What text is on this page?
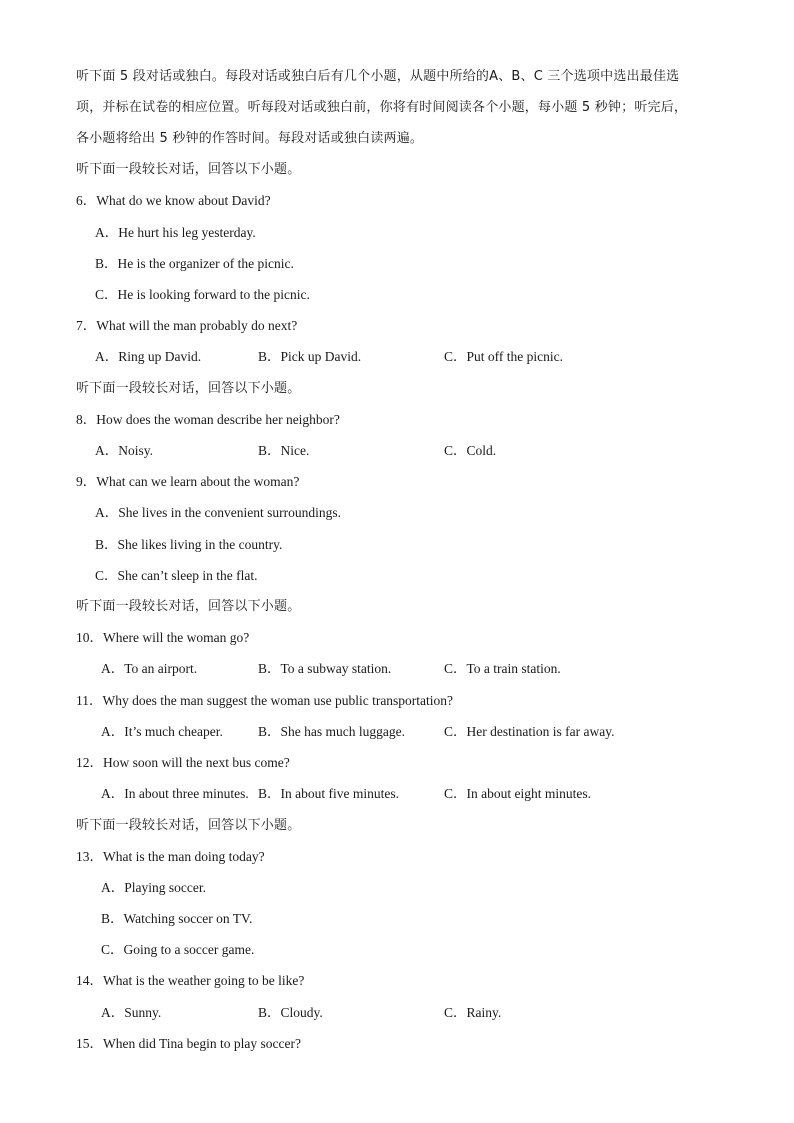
听下面 5 段对话或独白。每段对话或独白后有几个小题，从题中所给的A、B、C 三个选项中选出最佳选
项，并标在试卷的相应位置。听每段对话或独白前，你将有时间阅读各个小题，每小题 5 秒钟；听完后，
各小题将给出 5 秒钟的作答时间。每段对话或独白读两遍。
听下面一段较长对话，回答以下小题。
6．What do we know about David?
A．He hurt his leg yesterday.
B．He is the organizer of the picnic.
C．He is looking forward to the picnic.
7．What will the man probably do next?
A．Ring up David.	B．Pick up David.	C．Put off the picnic.
听下面一段较长对话，回答以下小题。
8．How does the woman describe her neighbor?
A．Noisy.	B．Nice.	C．Cold.
9．What can we learn about the woman?
A．She lives in the convenient surroundings.
B．She likes living in the country.
C．She can’t sleep in the flat.
听下面一段较长对话，回答以下小题。
10．Where will the woman go?
A．To an airport.	B．To a subway station.	C．To a train station.
11．Why does the man suggest the woman use public transportation?
A．It’s much cheaper.	B．She has much luggage.	C．Her destination is far away.
12．How soon will the next bus come?
A．In about three minutes. B．In about five minutes.	C．In about eight minutes.
听下面一段较长对话，回答以下小题。
13．What is the man doing today?
A．Playing soccer.
B．Watching soccer on TV.
C．Going to a soccer game.
14．What is the weather going to be like?
A．Sunny.	B．Cloudy.	C．Rainy.
15．When did Tina begin to play soccer?
